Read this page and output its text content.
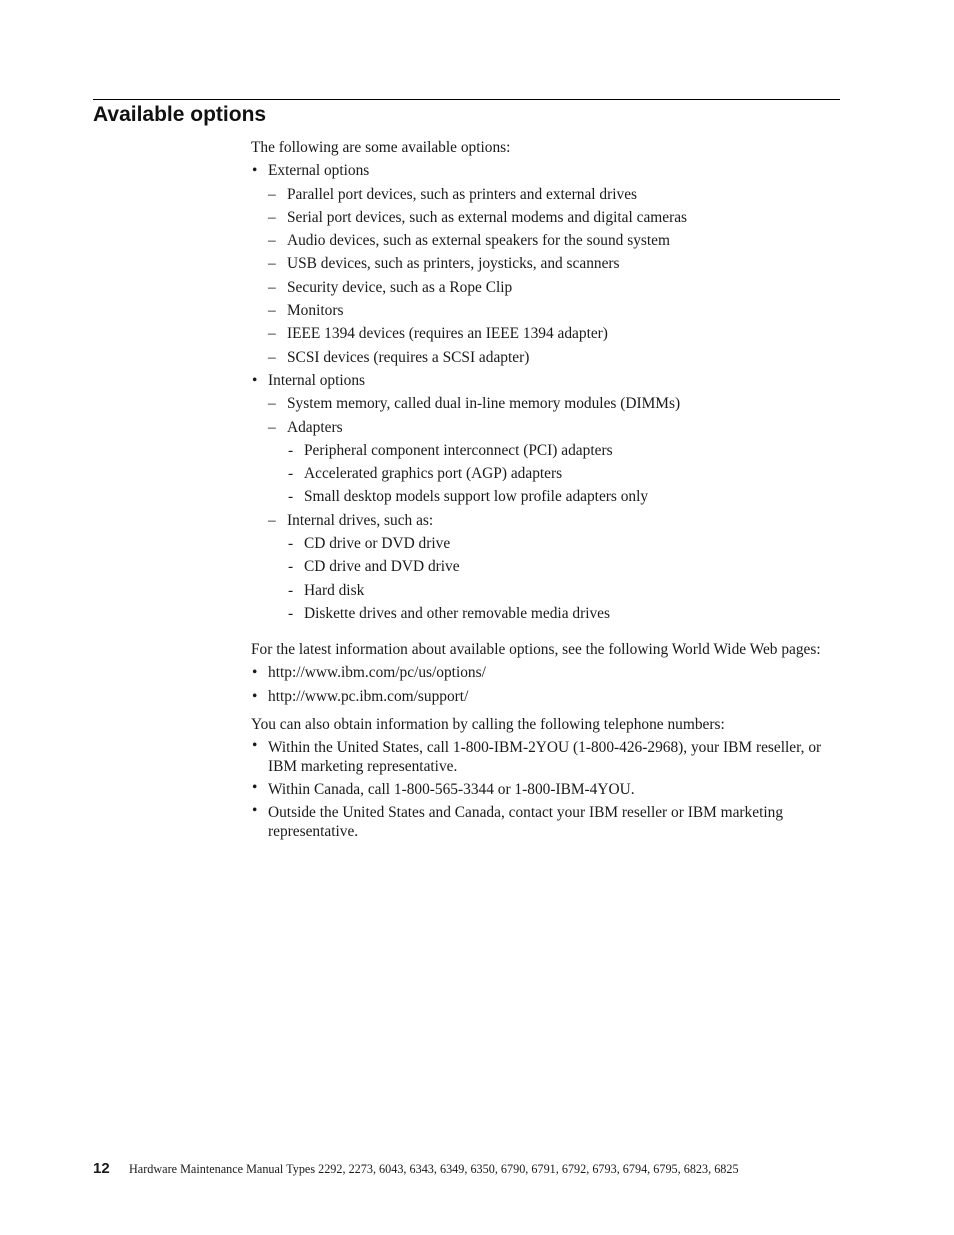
Available options

The following are some available options:

• External options
– Parallel port devices, such as printers and external drives
– Serial port devices, such as external modems and digital cameras
– Audio devices, such as external speakers for the sound system
– USB devices, such as printers, joysticks, and scanners
– Security device, such as a Rope Clip
– Monitors
– IEEE 1394 devices (requires an IEEE 1394 adapter)
– SCSI devices (requires a SCSI adapter)
• Internal options
– System memory, called dual in-line memory modules (DIMMs)
– Adapters
- Peripheral component interconnect (PCI) adapters
- Accelerated graphics port (AGP) adapters
- Small desktop models support low profile adapters only
– Internal drives, such as:
- CD drive or DVD drive
- CD drive and DVD drive
- Hard disk
- Diskette drives and other removable media drives

For the latest information about available options, see the following World Wide Web pages:

• http://www.ibm.com/pc/us/options/
• http://www.pc.ibm.com/support/

You can also obtain information by calling the following telephone numbers:

• Within the United States, call 1-800-IBM-2YOU (1-800-426-2968), your IBM reseller, or IBM marketing representative.
• Within Canada, call 1-800-565-3344 or 1-800-IBM-4YOU.
• Outside the United States and Canada, contact your IBM reseller or IBM marketing representative.
12 Hardware Maintenance Manual Types 2292, 2273, 6043, 6343, 6349, 6350, 6790, 6791, 6792, 6793, 6794, 6795, 6823, 6825
